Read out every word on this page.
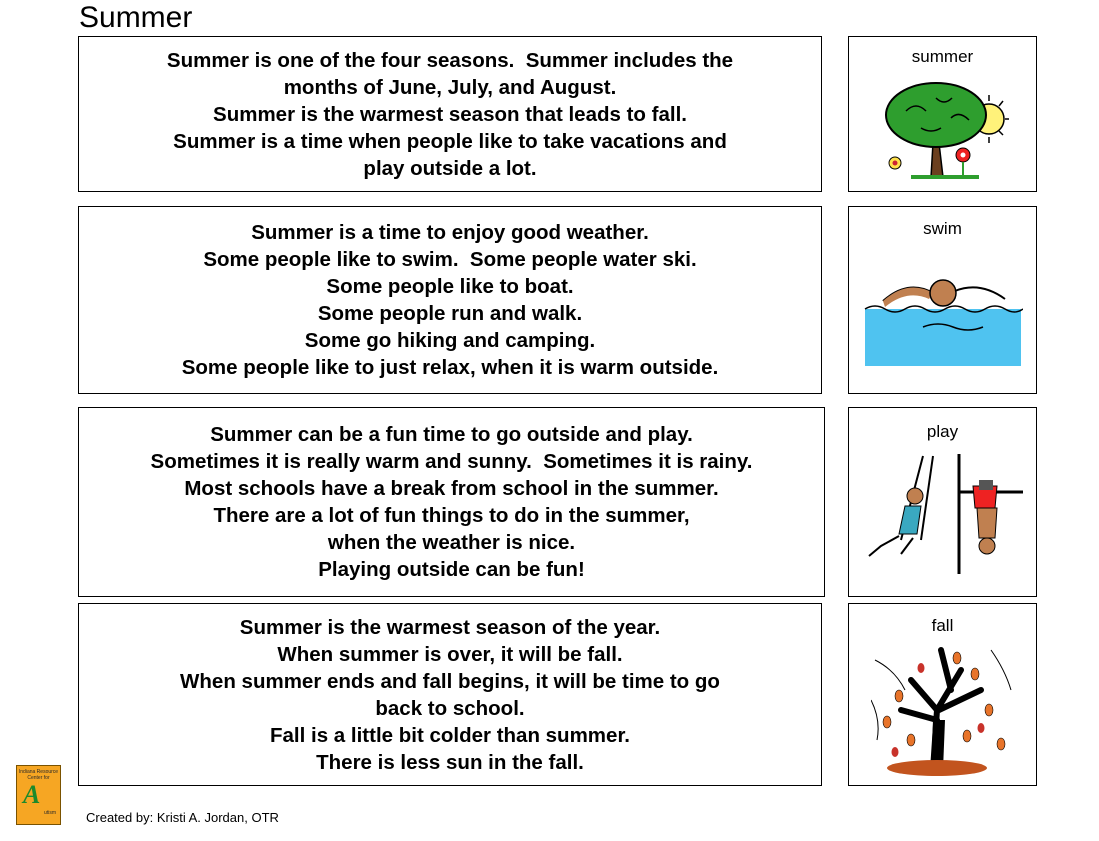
Summer
Summer is one of the four seasons.  Summer includes the
months of June, July, and August.
Summer is the warmest season that leads to fall.
Summer is a time when people like to take vacations and
play outside a lot.
summer
Summer is a time to enjoy good weather.
Some people like to swim.  Some people water ski.
Some people like to boat.
Some people run and walk.
Some go hiking and camping.
Some people like to just relax, when it is warm outside.
swim
Summer can be a fun time to go outside and play.
Sometimes it is really warm and sunny.  Sometimes it is rainy.
Most schools have a break from school in the summer.
There are a lot of fun things to do in the summer,
when the weather is nice.
Playing outside can be fun!
play
Summer is the warmest season of the year.
When summer is over, it will be fall.
When summer ends and fall begins, it will be time to go
back to school.
Fall is a little bit colder than summer.
There is less sun in the fall.
fall
Indiana Resource Center for
A
utism Created by: Kristi A. Jordan, OTR
